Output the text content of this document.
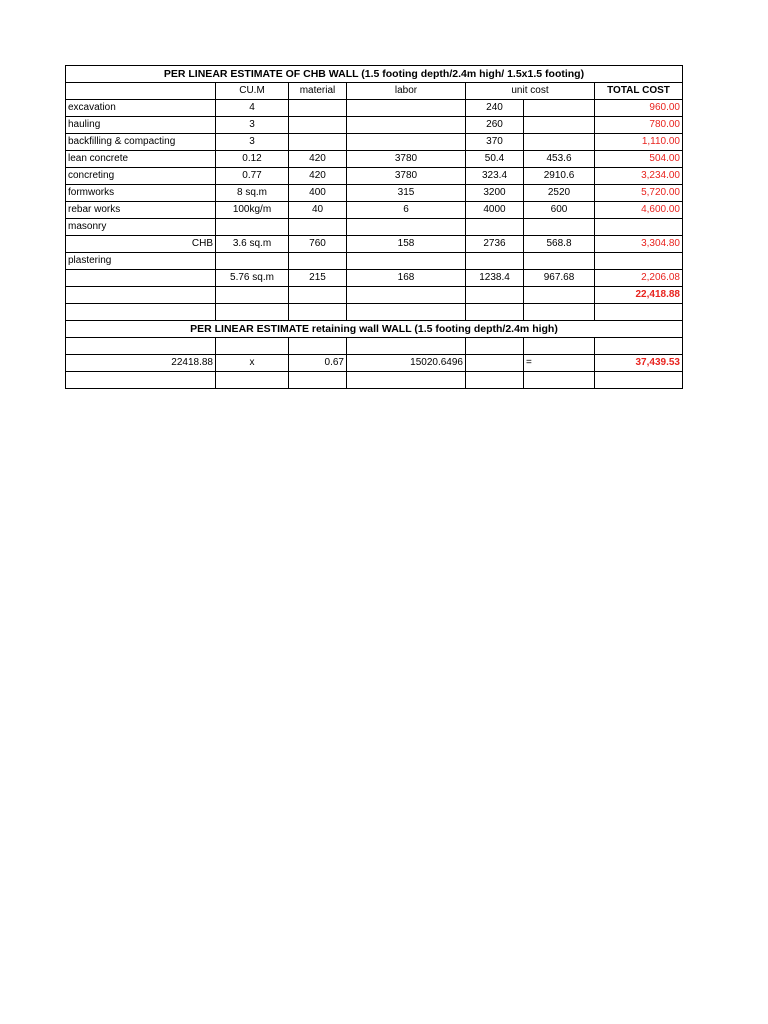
PER LINEAR ESTIMATE OF CHB WALL (1.5 footing depth/2.4m high/ 1.5x1.5 footing)						
	CU.M	material	labor	unit cost		TOTAL COST
excavation	4			240		960.00
hauling	3			260		780.00
backfilling & compacting	3			370		1,110.00
lean concrete	0.12	420	3780	50.4	453.6	504.00
concreting	0.77	420	3780	323.4	2910.6	3,234.00
formworks	8 sq.m	400	315	3200	2520	5,720.00
rebar works	100kg/m	40	6	4000	600	4,600.00
masonry						
CHB	3.6 sq.m	760	158	2736	568.8	3,304.80
plastering						
	5.76 sq.m	215	168	1238.4	967.68	2,206.08
						22,418.88

PER LINEAR ESTIMATE retaining wall WALL (1.5 footing depth/2.4m high)						

22418.88	x	0.67	15020.6496		=	37,439.53
